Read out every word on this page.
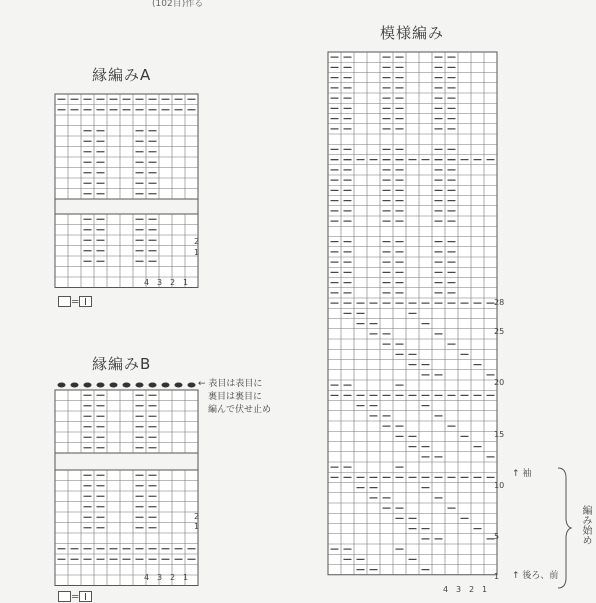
(102目)作る
縁編みA
縁編みB
模様編み
2
1
4 3 2 1
=
← 表目は表目に
裏目は裏目に
編んで伏せ止め
2
1
4 3 2 1
=
28
25
20
15
10
5
1
4 3 2 1
↑ 袖
↑ 後ろ、前
編み始め
